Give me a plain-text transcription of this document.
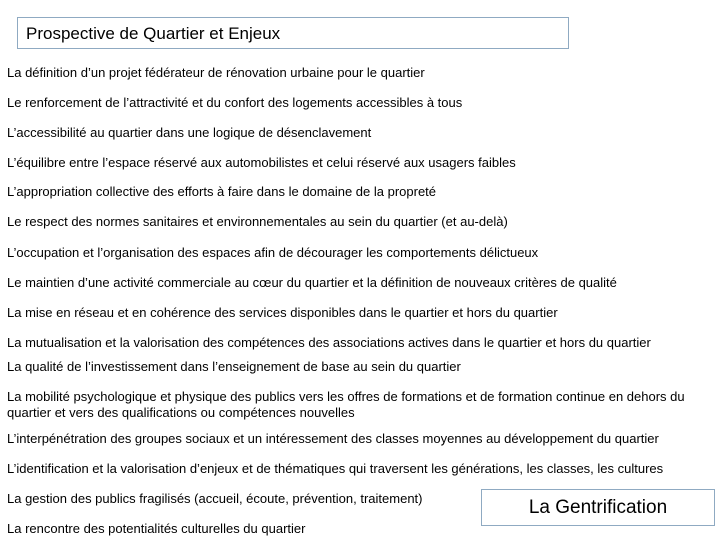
Prospective de Quartier et Enjeux
La définition d’un projet fédérateur de rénovation urbaine pour le quartier
Le renforcement de l’attractivité et du confort des logements accessibles à tous
L’accessibilité au quartier dans une logique de désenclavement
L’équilibre entre l’espace réservé aux automobilistes et celui réservé aux usagers faibles
L’appropriation collective des efforts à faire dans le domaine de la propreté
Le respect des normes sanitaires et environnementales au sein du quartier (et au-delà)
L’occupation et l’organisation des espaces afin de décourager les comportements délictueux
Le maintien d’une activité commerciale au cœur du quartier et la définition de nouveaux critères de qualité
La mise en réseau et en cohérence des services disponibles dans le quartier et hors du quartier
La mutualisation et la valorisation des compétences des associations actives dans le quartier et hors du quartier
La qualité de l’investissement dans l’enseignement de base au sein du quartier
La mobilité psychologique et physique des publics vers les offres de formations et de formation continue en dehors du quartier et vers des qualifications ou compétences nouvelles
L’interpénétration des groupes sociaux et un intéressement des classes moyennes au développement du quartier
L’identification et la valorisation d’enjeux et de thématiques qui traversent les générations, les classes, les cultures
La gestion des publics fragilisés (accueil, écoute, prévention, traitement)
La rencontre des potentialités culturelles du quartier
La Gentrification
